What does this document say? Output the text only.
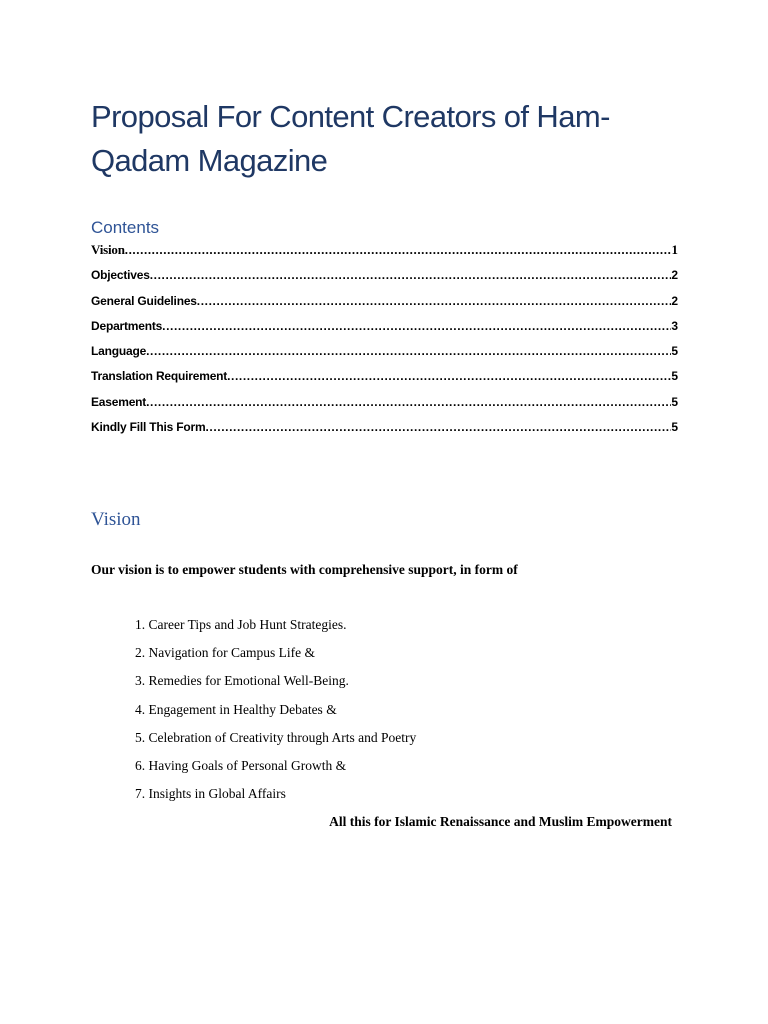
Proposal For Content Creators of Ham-
Qadam Magazine
Contents
Vision .....	1
Objectives .....	2
General Guidelines .....	2
Departments .....	3
Language .....	5
Translation Requirement .....	5
Easement .....	5
Kindly Fill This Form .....	5
Vision
Our vision is to empower students with comprehensive support, in form of
1. Career Tips and Job Hunt Strategies.
2. Navigation for Campus Life &
3. Remedies for Emotional Well-Being.
4. Engagement in Healthy Debates &
5. Celebration of Creativity through Arts and Poetry
6. Having Goals of Personal Growth &
7. Insights in Global Affairs
All this for Islamic Renaissance and Muslim Empowerment
